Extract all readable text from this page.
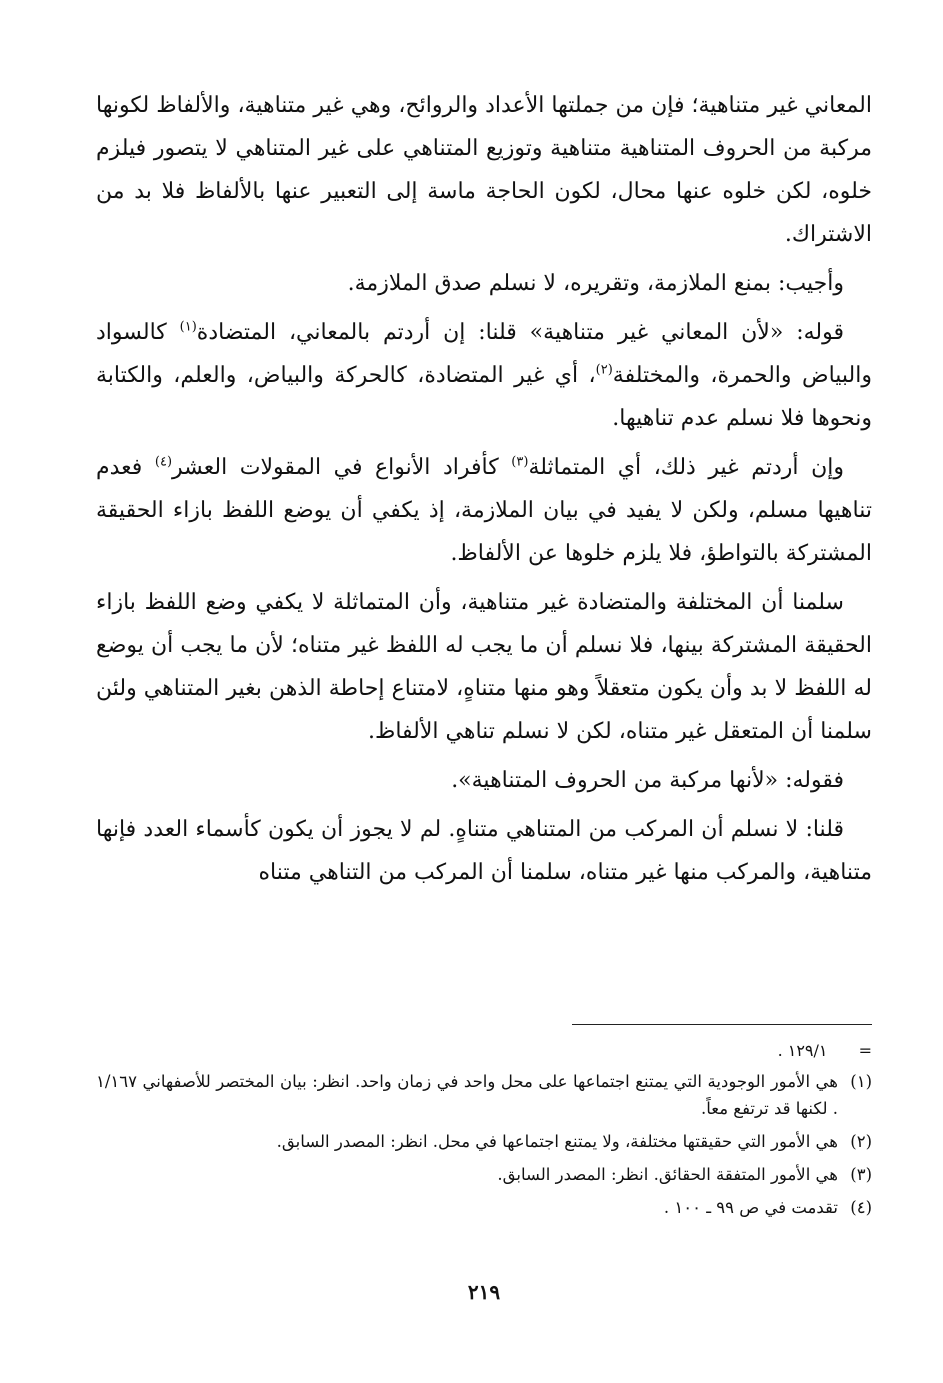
المعاني غير متناهية؛ فإن من جملتها الأعداد والروائح، وهي غير متناهية، والألفاظ لكونها مركبة من الحروف المتناهية متناهية وتوزيع المتناهي على غير المتناهي لا يتصور فيلزم خلوه، لكن خلوه عنها محال، لكون الحاجة ماسة إلى التعبير عنها بالألفاظ فلا بد من الاشتراك.

وأجيب: بمنع الملازمة، وتقريره، لا نسلم صدق الملازمة.

قوله: «لأن المعاني غير متناهية» قلنا: إن أردتم بالمعاني، المتضادة$^{(١)}$ كالسواد والبياض والحمرة، والمختلفة$^{(٢)}$، أي غير المتضادة، كالحركة والبياض، والعلم، والكتابة ونحوها فلا نسلم عدم تناهيها.

وإن أردتم غير ذلك، أي المتماثلة$^{(٣)}$ كأفراد الأنواع في المقولات العشر$^{(٤)}$ فعدم تناهيها مسلم، ولكن لا يفيد في بيان الملازمة، إذ يكفي أن يوضع اللفظ بازاء الحقيقة المشتركة بالتواطؤ، فلا يلزم خلوها عن الألفاظ.

سلمنا أن المختلفة والمتضادة غير متناهية، وأن المتماثلة لا يكفي وضع اللفظ بازاء الحقيقة المشتركة بينها، فلا نسلم أن ما يجب له اللفظ غير متناه؛ لأن ما يجب أن يوضع له اللفظ لا بد وأن يكون متعقلاً وهو منها متناهٍ، لامتناع إحاطة الذهن بغير المتناهي ولئن سلمنا أن المتعقل غير متناه، لكن لا نسلم تناهي الألفاظ.

فقوله: «لأنها مركبة من الحروف المتناهية».

قلنا: لا نسلم أن المركب من المتناهي متناهٍ. لم لا يجوز أن يكون كأسماء العدد فإنها متناهية، والمركب منها غير متناه، سلمنا أن المركب من التناهي متناه

= ١٢٩/١ .
(١)
هي الأمور الوجودية التي يمتنع اجتماعها على محل واحد في زمان واحد. انظر: بيان المختصر للأصفهاني ١/١٦٧ . لكنها قد ترتفع معاً.
(٢)
هي الأمور التي حقيقتها مختلفة، ولا يمتنع اجتماعها في محل. انظر: المصدر السابق.
(٣)
هي الأمور المتفقة الحقائق. انظر: المصدر السابق.
(٤)
تقدمت في ص ٩٩ ـ ١٠٠ .
٢١٩
